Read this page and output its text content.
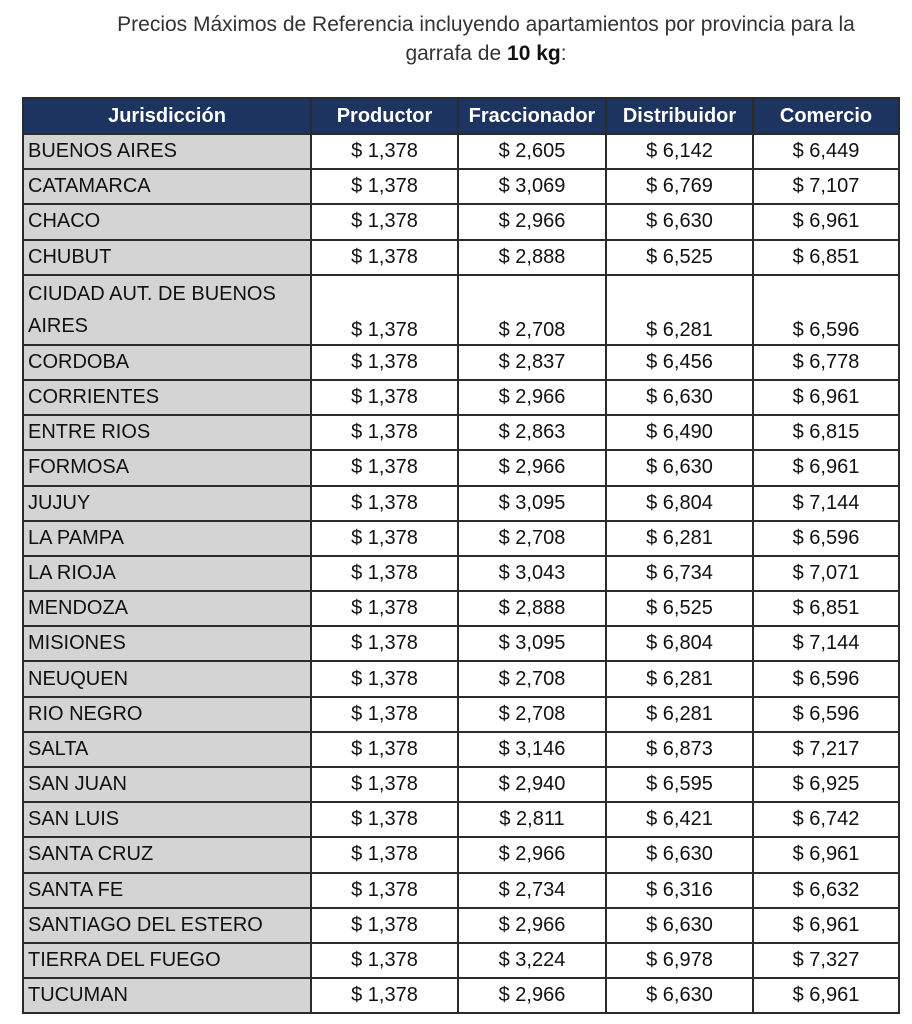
Precios Máximos de Referencia incluyendo apartamientos por provincia para la
garrafa de 10 kg:
Jurisdicción	Productor	Fraccionador	Distribuidor	Comercio
BUENOS AIRES	$ 1,378	$ 2,605	$ 6,142	$ 6,449
CATAMARCA	$ 1,378	$ 3,069	$ 6,769	$ 7,107
CHACO	$ 1,378	$ 2,966	$ 6,630	$ 6,961
CHUBUT	$ 1,378	$ 2,888	$ 6,525	$ 6,851
CIUDAD AUT. DE BUENOS AIRES	$ 1,378	$ 2,708	$ 6,281	$ 6,596
CORDOBA	$ 1,378	$ 2,837	$ 6,456	$ 6,778
CORRIENTES	$ 1,378	$ 2,966	$ 6,630	$ 6,961
ENTRE RIOS	$ 1,378	$ 2,863	$ 6,490	$ 6,815
FORMOSA	$ 1,378	$ 2,966	$ 6,630	$ 6,961
JUJUY	$ 1,378	$ 3,095	$ 6,804	$ 7,144
LA PAMPA	$ 1,378	$ 2,708	$ 6,281	$ 6,596
LA RIOJA	$ 1,378	$ 3,043	$ 6,734	$ 7,071
MENDOZA	$ 1,378	$ 2,888	$ 6,525	$ 6,851
MISIONES	$ 1,378	$ 3,095	$ 6,804	$ 7,144
NEUQUEN	$ 1,378	$ 2,708	$ 6,281	$ 6,596
RIO NEGRO	$ 1,378	$ 2,708	$ 6,281	$ 6,596
SALTA	$ 1,378	$ 3,146	$ 6,873	$ 7,217
SAN JUAN	$ 1,378	$ 2,940	$ 6,595	$ 6,925
SAN LUIS	$ 1,378	$ 2,811	$ 6,421	$ 6,742
SANTA CRUZ	$ 1,378	$ 2,966	$ 6,630	$ 6,961
SANTA FE	$ 1,378	$ 2,734	$ 6,316	$ 6,632
SANTIAGO DEL ESTERO	$ 1,378	$ 2,966	$ 6,630	$ 6,961
TIERRA DEL FUEGO	$ 1,378	$ 3,224	$ 6,978	$ 7,327
TUCUMAN	$ 1,378	$ 2,966	$ 6,630	$ 6,961
